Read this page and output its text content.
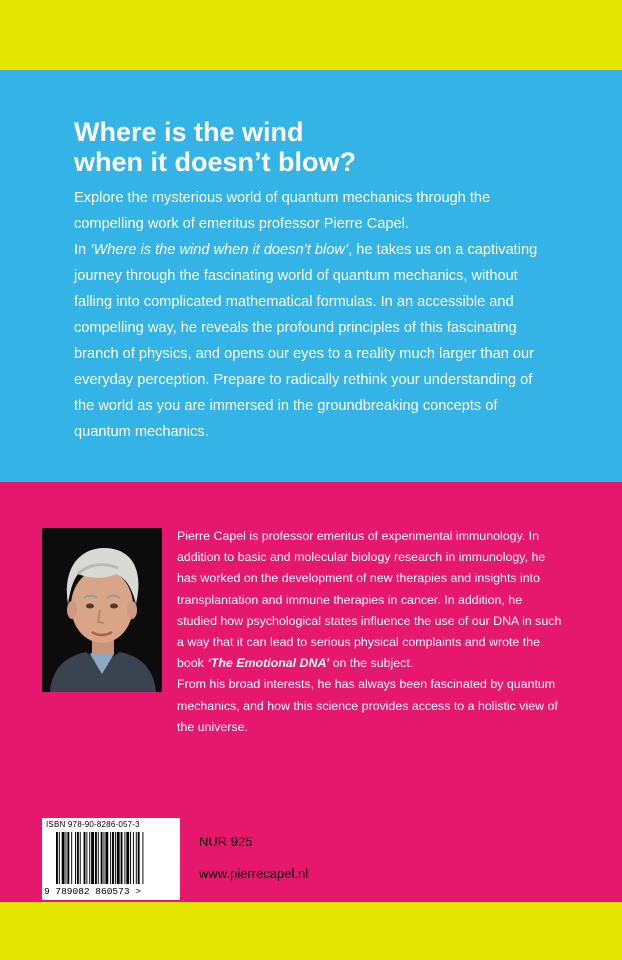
Where is the wind
when it doesn’t blow?

Explore the mysterious world of quantum mechanics through the compelling work of emeritus professor Pierre Capel.
In ‘Where is the wind when it doesn’t blow’, he takes us on a captivating journey through the fascinating world of quantum mechanics, without falling into complicated mathematical formulas. In an accessible and compelling way, he reveals the profound principles of this fascinating branch of physics, and opens our eyes to a reality much larger than our everyday perception. Prepare to radically rethink your understanding of the world as you are immersed in the groundbreaking concepts of quantum mechanics.

Pierre Capel is professor emeritus of experimental immunology. In addition to basic and molecular biology research in immunology, he has worked on the development of new therapies and insights into transplantation and immune therapies in cancer. In addition, he studied how psychological states influence the use of our DNA in such a way that it can lead to serious physical complaints and wrote the book ‘The Emotional DNA’ on the subject.
From his broad interests, he has always been fascinated by quantum mechanics, and how this science provides access to a holistic view of the universe.

ISBN 978-90-8286-057-3
9 789082 860573 >
NUR 925
www.pierrecapel.nl
